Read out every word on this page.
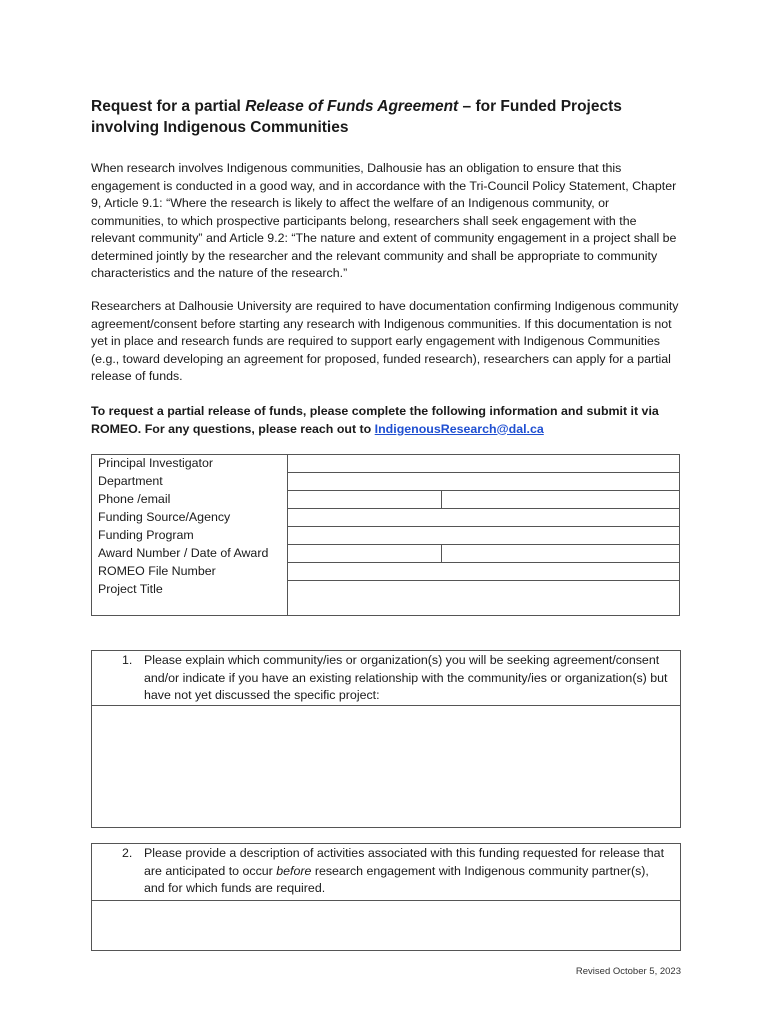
Request for a partial Release of Funds Agreement – for Funded Projects involving Indigenous Communities
When research involves Indigenous communities, Dalhousie has an obligation to ensure that this engagement is conducted in a good way, and in accordance with the Tri-Council Policy Statement, Chapter 9, Article 9.1: “Where the research is likely to affect the welfare of an Indigenous community, or communities, to which prospective participants belong, researchers shall seek engagement with the relevant community” and Article 9.2: “The nature and extent of community engagement in a project shall be determined jointly by the researcher and the relevant community and shall be appropriate to community characteristics and the nature of the research.”
Researchers at Dalhousie University are required to have documentation confirming Indigenous community agreement/consent before starting any research with Indigenous communities. If this documentation is not yet in place and research funds are required to support early engagement with Indigenous Communities (e.g., toward developing an agreement for proposed, funded research), researchers can apply for a partial release of funds.
To request a partial release of funds, please complete the following information and submit it via ROMEO. For any questions, please reach out to IndigenousResearch@dal.ca
Principal Investigator		
Department		
Phone /email		
Funding Source/Agency		
Funding Program		
Award Number / Date of Award		
ROMEO File Number		
Project Title		
1. Please explain which community/ies or organization(s) you will be seeking agreement/consent and/or indicate if you have an existing relationship with the community/ies or organization(s) but have not yet discussed the specific project:
2. Please provide a description of activities associated with this funding requested for release that are anticipated to occur before research engagement with Indigenous community partner(s), and for which funds are required.
Revised October 5, 2023
